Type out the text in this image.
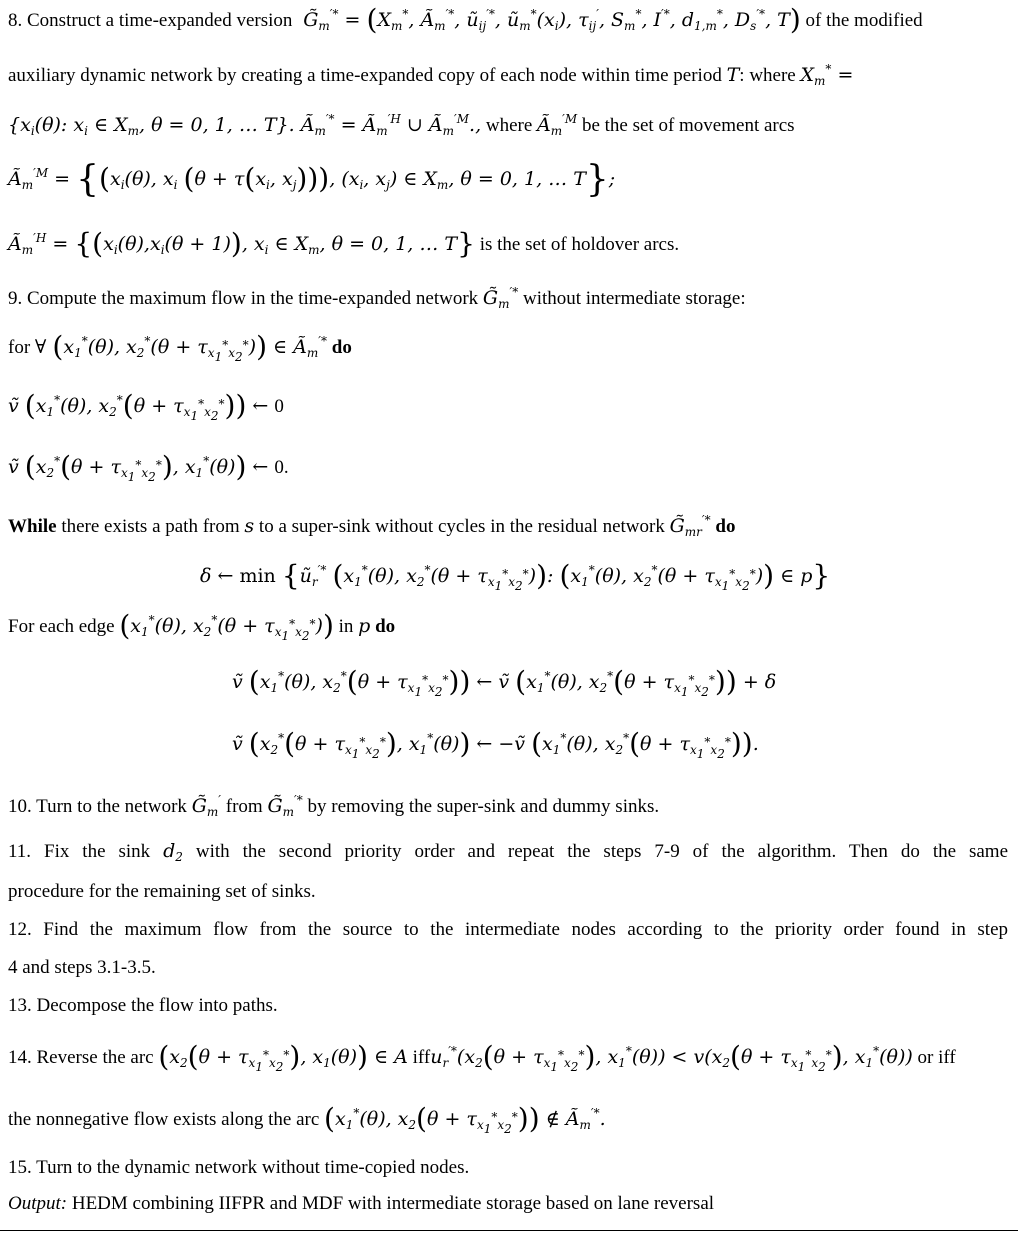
8. Construct a time-expanded version  $G̃_m^{'*} = (X_m^*$, $Ã_m^{'*}$, $ũ_{ij}^{'*}$, $ũ_m^*(x_i)$, $\tau_{ij}'$, $S_m^*$, I′*, $d_{1,m}^*$, $D_s^{'*}$, T) of the modified
auxiliary dynamic network by creating a time-expanded copy of each node within time period T: where $X_m^*$ =
{$x_i(\theta)$: $x_i$ ∈ $X_m$, θ = 0, 1, … T}. $Ã_m^{'*}$ = $Ã_m^{'H}$ ∪ $Ã_m^{'M}$., where $Ã_m^{'M}$ be the set of movement arcs
$Ã_m^{'M} = \{(x_i(\theta)$, $x_i$ ($\theta + \tau(x_i$, $x_j$))), ($x_i$, $x_j$) ∈ $X_m$, θ = 0, 1, … T};
$Ã_m^{'H} = \{(x_i(\theta),x_i(\theta + 1))$, $x_i$ ∈ $X_m$, θ = 0, 1, … T} is the set of holdover arcs.
9. Compute the maximum flow in the time-expanded network $G̃_m^{'*}$ without intermediate storage:
for ∀ ($x_1^*(\theta)$, $x_2^*(\theta + \tau_{x_1^*x_2^*})$) ∈ $Ã_m^{'*}$ do
ṽ ($x_1^*(\theta)$, $x_2^*(\theta + \tau_{x_1^*x_2^*})$) ← 0
ṽ ($x_2^*(\theta + \tau_{x_1^*x_2^*})$, $x_1^*(\theta)$) ← 0.
While there exists a path from s to a super-sink without cycles in the residual network $G̃_{mr}^{'*}$ do
δ ← $\min \{ũ_r^{'*}$ ($x_1^*(\theta)$, $x_2^*(\theta + \tau_{x_1^*x_2^*})$): ($x_1^*(\theta)$, $x_2^*(\theta + \tau_{x_1^*x_2^*})$) ∈ p}
For each edge ($x_1^*(\theta)$, $x_2^*(\theta + \tau_{x_1^*x_2^*})$) in p do
ṽ ($x_1^*(\theta)$, $x_2^*(\theta + \tau_{x_1^*x_2^*})$) ← ṽ ($x_1^*(\theta)$, $x_2^*(\theta + \tau_{x_1^*x_2^*})) + \delta$
ṽ ($x_2^*(\theta + \tau_{x_1^*x_2^*})$, $x_1^*(\theta)$) ← −ṽ ($x_1^*(\theta)$, $x_2^*(\theta + \tau_{x_1^*x_2^*})$).
10. Turn to the network $G̃_m'$ from $G̃_m^{'*}$ by removing the super-sink and dummy sinks.
11. Fix the sink $d_2$ with the second priority order and repeat the steps 7-9 of the algorithm. Then do the same
procedure for the remaining set of sinks.
12. Find the maximum flow from the source to the intermediate nodes according to the priority order found in step
4 and steps 3.1-3.5.
13. Decompose the flow into paths.
14. Reverse the arc ($x_2(\theta + \tau_{x_1^*x_2^*})$, $x_1(\theta)$) ∈ A $iffu_r^{'*}(x_2(\theta + \tau_{x_1^*x_2^*})$, $x_1^*(\theta)) < v(x_2(\theta + \tau_{x_1^*x_2^*})$, $x_1^*(\theta)$) or iff
the nonnegative flow exists along the arc ($x_1^*(\theta)$, $x_2(\theta + \tau_{x_1^*x_2^*})$) ∉ $Ã_m^{'*}$.
15. Turn to the dynamic network without time-copied nodes.
Output: HEDM combining IIFPR and MDF with intermediate storage based on lane reversal
